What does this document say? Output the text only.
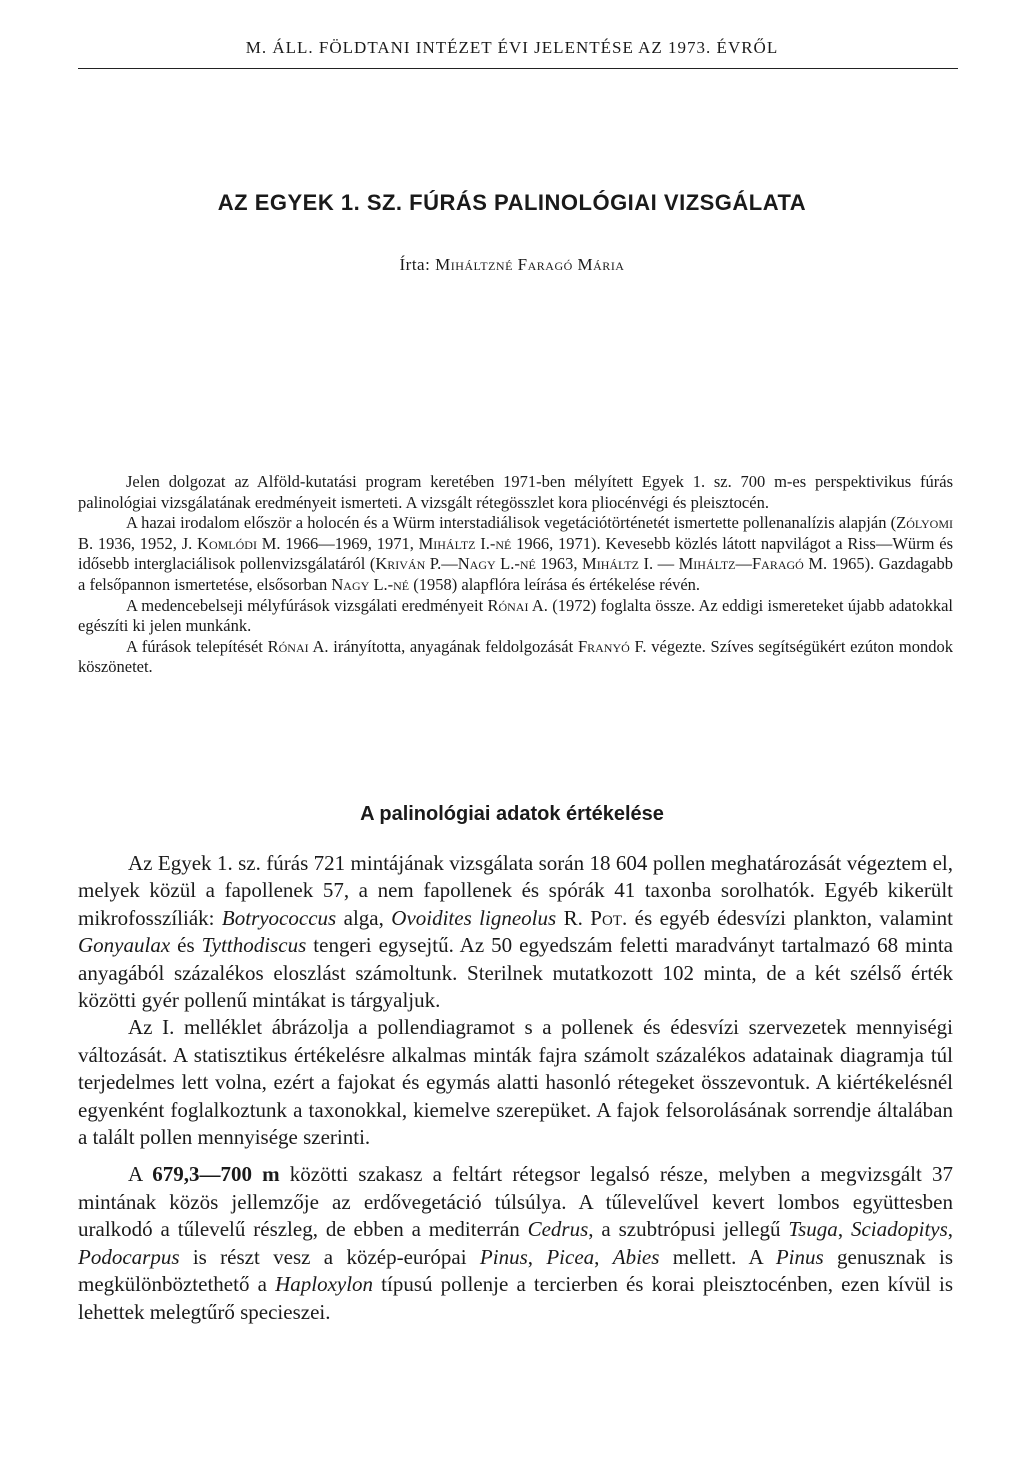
M. ÁLL. FÖLDTANI INTÉZET ÉVI JELENTÉSE AZ 1973. ÉVRŐL
AZ EGYEK 1. SZ. FÚRÁS PALINOLÓGIAI VIZSGÁLATA
Írta: Miháltzné Faragó Mária

Jelen dolgozat az Alföld-kutatási program keretében 1971-ben mélyített Egyek 1. sz. 700 m-es perspektivikus fúrás palinológiai vizsgálatának eredményeit ismerteti. A vizsgált rétegösszlet kora pliocénvégi és pleisztocén.

A hazai irodalom először a holocén és a Würm interstadiálisok vegetációtörténetét ismertette pollenanalízis alapján (Zólyomi B. 1936, 1952, J. Komlódi M. 1966—1969, 1971, Miháltz I.-né 1966, 1971). Kevesebb közlés látott napvilágot a Riss—Würm és idősebb interglaciálisok pollenvizsgálatáról (Kriván P.—Nagy L.-né 1963, Miháltz I. — Miháltz—Faragó M. 1965). Gazdagabb a felsőpannon ismertetése, elsősorban Nagy L.-né (1958) alapflóra leírása és értékelése révén.

A medencebelseji mélyfúrások vizsgálati eredményeit Rónai A. (1972) foglalta össze. Az eddigi ismereteket újabb adatokkal egészíti ki jelen munkánk.

A fúrások telepítését Rónai A. irányította, anyagának feldolgozását Franyó F. végezte. Szíves segítségükért ezúton mondok köszönetet.

A palinológiai adatok értékelése

Az Egyek 1. sz. fúrás 721 mintájának vizsgálata során 18 604 pollen meghatározását végeztem el, melyek közül a fapollenek 57, a nem fapollenek és spórák 41 taxonba sorolhatók. Egyéb kikerült mikrofosszíliák: Botryococcus alga, Ovoidites ligneolus R. Pot. és egyéb édesvízi plankton, valamint Gonyaulax és Tytthodiscus tengeri egysejtű. Az 50 egyedszám feletti maradványt tartalmazó 68 minta anyagából százalékos eloszlást számoltunk. Sterilnek mutatkozott 102 minta, de a két szélső érték közötti gyér pollenű mintákat is tárgyaljuk.

Az I. melléklet ábrázolja a pollendiagramot s a pollenek és édesvízi szervezetek mennyiségi változását. A statisztikus értékelésre alkalmas minták fajra számolt százalékos adatainak diagramja túl terjedelmes lett volna, ezért a fajokat és egymás alatti hasonló rétegeket összevontuk. A kiértékelésnél egyenként foglalkoztunk a taxonokkal, kiemelve szerepüket. A fajok felsorolásának sorrendje általában a talált pollen mennyisége szerinti.

A 679,3—700 m közötti szakasz a feltárt rétegsor legalsó része, melyben a megvizsgált 37 mintának közös jellemzője az erdővegetáció túlsúlya. A tűlevelűvel kevert lombos együttesben uralkodó a tűlevelű részleg, de ebben a mediterrán Cedrus, a szubtrópusi jellegű Tsuga, Sciadopitys, Podocarpus is részt vesz a közép-európai Pinus, Picea, Abies mellett. A Pinus genusznak is megkülönböztethető a Haploxylon típusú pollenje a tercierben és korai pleisztocénben, ezen kívül is lehettek melegtűrő specieszei.
